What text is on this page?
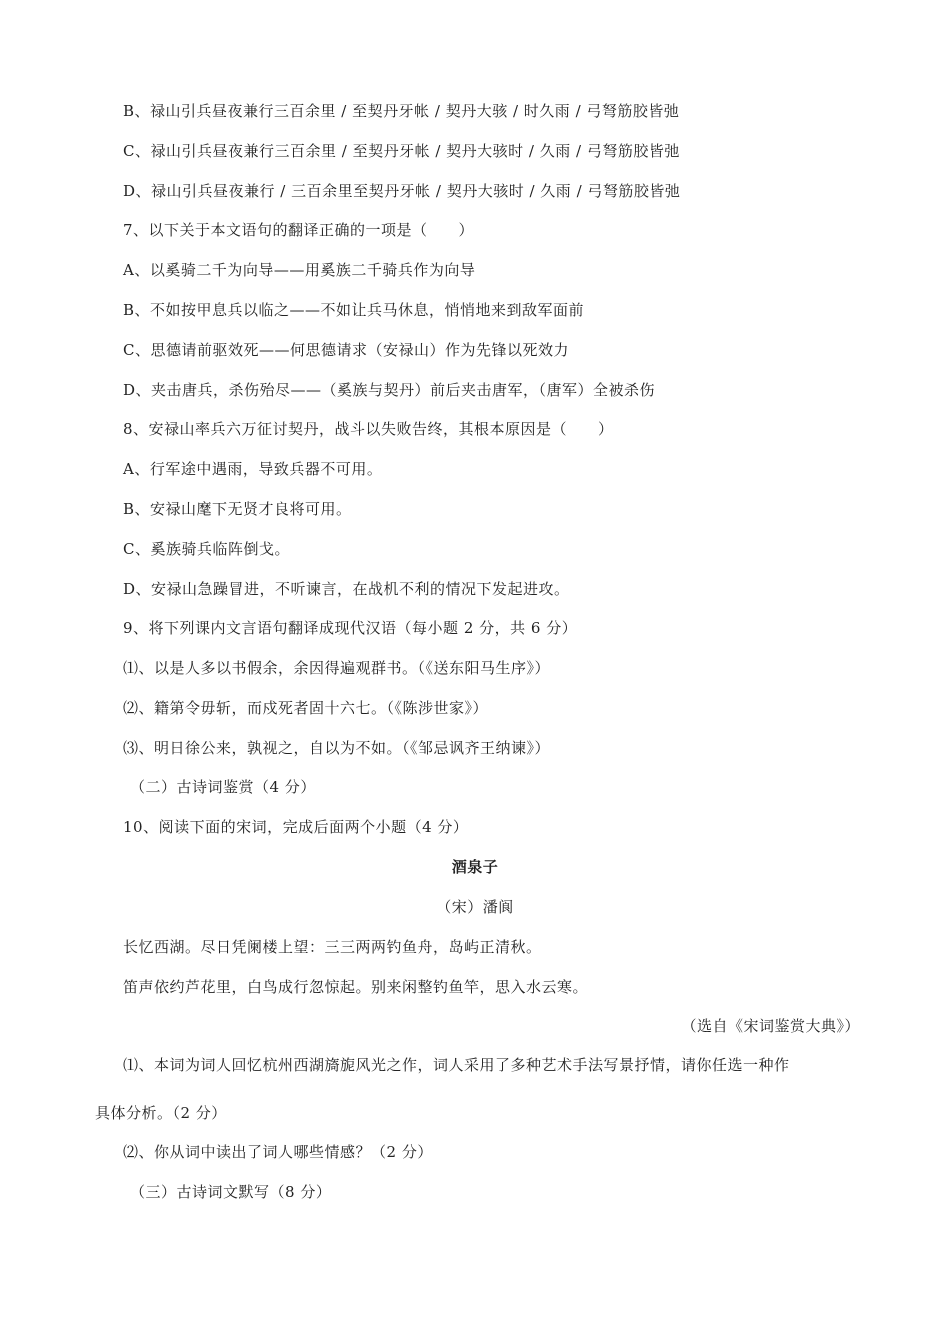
B、禄山引兵昼夜兼行三百余里 / 至契丹牙帐 / 契丹大骇 / 时久雨 / 弓弩筋胶皆弛
C、禄山引兵昼夜兼行三百余里 / 至契丹牙帐 / 契丹大骇时 / 久雨 / 弓弩筋胶皆弛
D、禄山引兵昼夜兼行 / 三百余里至契丹牙帐 / 契丹大骇时 / 久雨 / 弓弩筋胶皆弛
7、以下关于本文语句的翻译正确的一项是（　　）
A、以奚骑二千为向导——用奚族二千骑兵作为向导
B、不如按甲息兵以临之——不如让兵马休息，悄悄地来到敌军面前
C、思德请前驱效死——何思德请求（安禄山）作为先锋以死效力
D、夹击唐兵，杀伤殆尽——（奚族与契丹）前后夹击唐军，（唐军）全被杀伤
8、安禄山率兵六万征讨契丹，战斗以失败告终，其根本原因是（　　）
A、行军途中遇雨，导致兵器不可用。
B、安禄山麾下无贤才良将可用。
C、奚族骑兵临阵倒戈。
D、安禄山急躁冒进，不听谏言，在战机不利的情况下发起进攻。
9、将下列课内文言语句翻译成现代汉语（每小题 2 分，共 6 分）
⑴、以是人多以书假余，余因得遍观群书。（《送东阳马生序》）
⑵、籍第令毋斩，而戍死者固十六七。（《陈涉世家》）
⑶、明日徐公来，孰视之，自以为不如。（《邹忌讽齐王纳谏》）
（二）古诗词鉴赏（4 分）
10、阅读下面的宋词，完成后面两个小题（4 分）
酒泉子
（宋）潘阆
长忆西湖。尽日凭阑楼上望：三三两两钓鱼舟，岛屿正清秋。
笛声依约芦花里，白鸟成行忽惊起。别来闲整钓鱼竿，思入水云寒。
（选自《宋词鉴赏大典》）
⑴、本词为词人回忆杭州西湖旖旎风光之作，词人采用了多种艺术手法写景抒情，请你任选一种作
具体分析。（2 分）
⑵、你从词中读出了词人哪些情感？（2 分）
（三）古诗词文默写（8 分）
